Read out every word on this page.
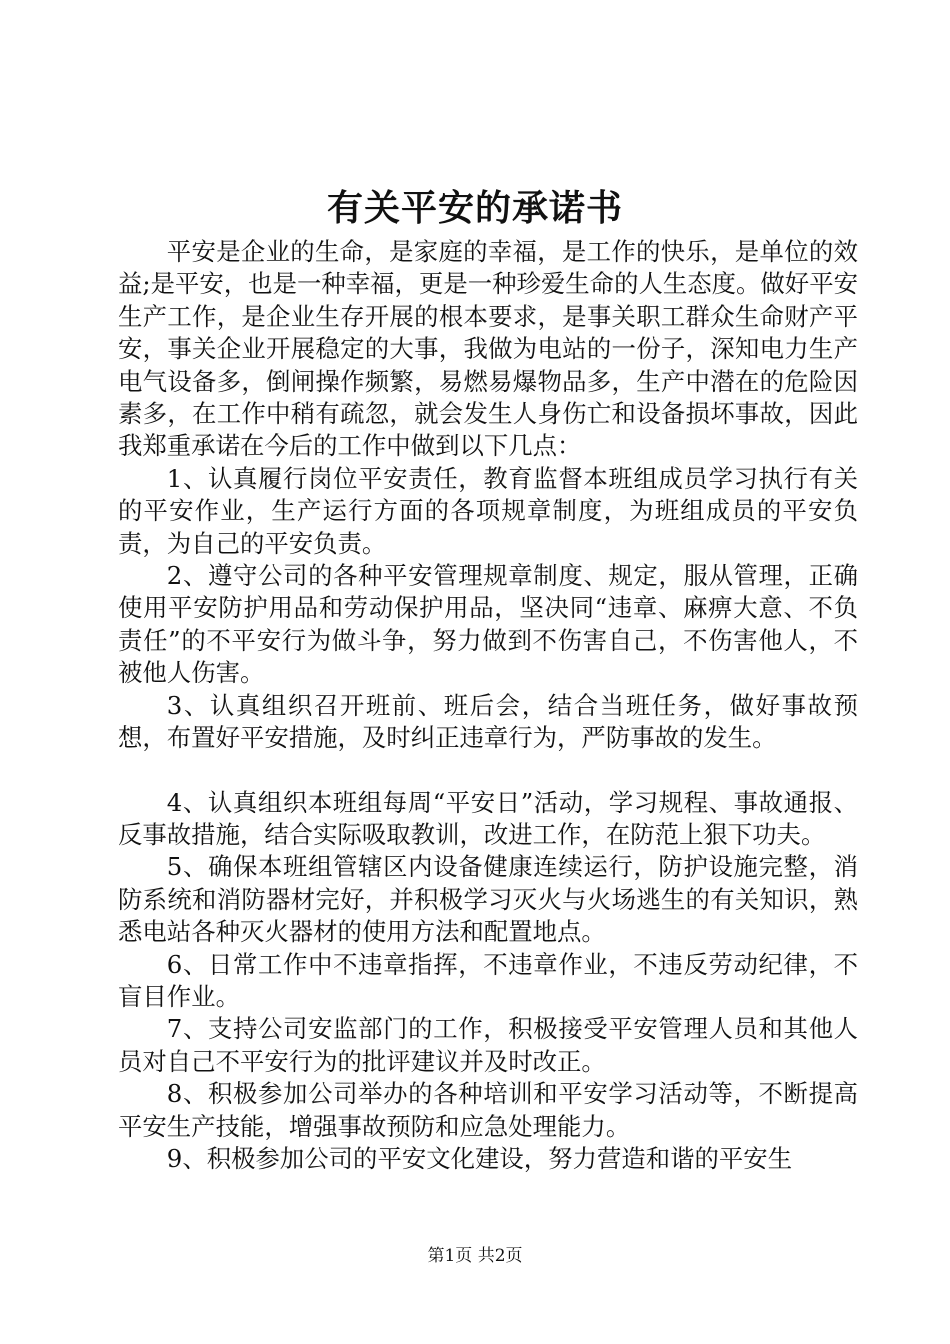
有关平安的承诺书

平安是企业的生命，是家庭的幸福，是工作的快乐，是单位的效益;是平安，也是一种幸福，更是一种珍爱生命的人生态度。做好平安生产工作，是企业生存开展的根本要求，是事关职工群众生命财产平安，事关企业开展稳定的大事，我做为电站的一份子，深知电力生产电气设备多，倒闸操作频繁，易燃易爆物品多，生产中潜在的危险因素多，在工作中稍有疏忽，就会发生人身伤亡和设备损坏事故，因此我郑重承诺在今后的工作中做到以下几点：

1、认真履行岗位平安责任，教育监督本班组成员学习执行有关的平安作业，生产运行方面的各项规章制度，为班组成员的平安负责，为自己的平安负责。

2、遵守公司的各种平安管理规章制度、规定，服从管理，正确使用平安防护用品和劳动保护用品，坚决同“违章、麻痹大意、不负责任”的不平安行为做斗争，努力做到不伤害自己，不伤害他人，不被他人伤害。

3、认真组织召开班前、班后会，结合当班任务，做好事故预想，布置好平安措施，及时纠正违章行为，严防事故的发生。

4、认真组织本班组每周“平安日”活动，学习规程、事故通报、反事故措施，结合实际吸取教训，改进工作，在防范上狠下功夫。

5、确保本班组管辖区内设备健康连续运行，防护设施完整，消防系统和消防器材完好，并积极学习灭火与火场逃生的有关知识，熟悉电站各种灭火器材的使用方法和配置地点。

6、日常工作中不违章指挥，不违章作业，不违反劳动纪律，不盲目作业。

7、支持公司安监部门的工作，积极接受平安管理人员和其他人员对自己不平安行为的批评建议并及时改正。

8、积极参加公司举办的各种培训和平安学习活动等，不断提高平安生产技能，增强事故预防和应急处理能力。

9、积极参加公司的平安文化建设，努力营造和谐的平安生

第1页 共2页
